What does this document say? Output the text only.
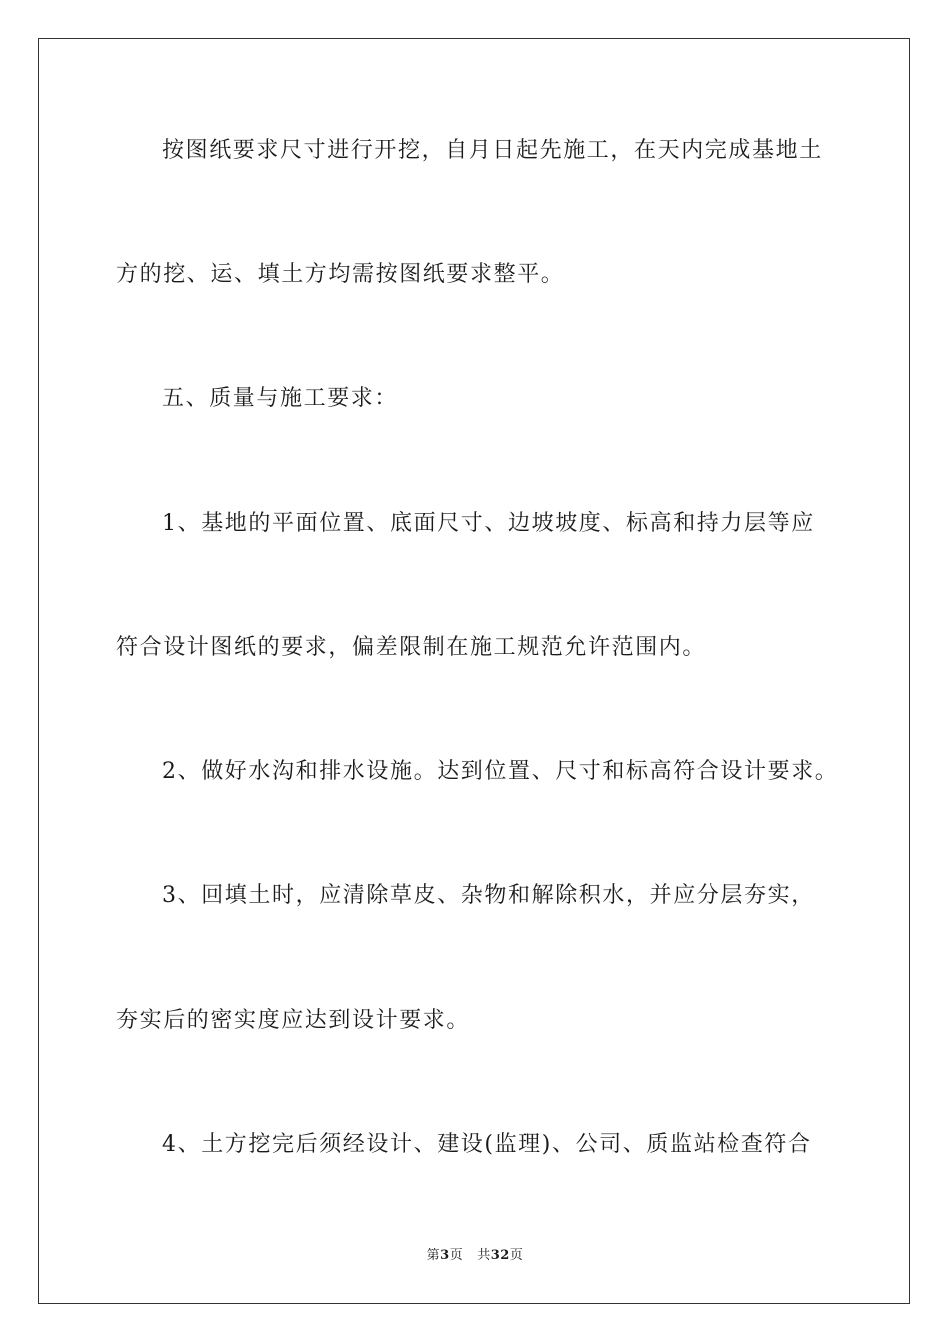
按图纸要求尺寸进行开挖，自月日起先施工，在天内完成基地土
方的挖、运、填土方均需按图纸要求整平。
五、质量与施工要求：
1、基地的平面位置、底面尺寸、边坡坡度、标高和持力层等应
符合设计图纸的要求，偏差限制在施工规范允许范围内。
2、做好水沟和排水设施。达到位置、尺寸和标高符合设计要求。
3、回填土时，应清除草皮、杂物和解除积水，并应分层夯实，
夯实后的密实度应达到设计要求。
4、土方挖完后须经设计、建设(监理)、公司、质监站检查符合
第3页 共32页
